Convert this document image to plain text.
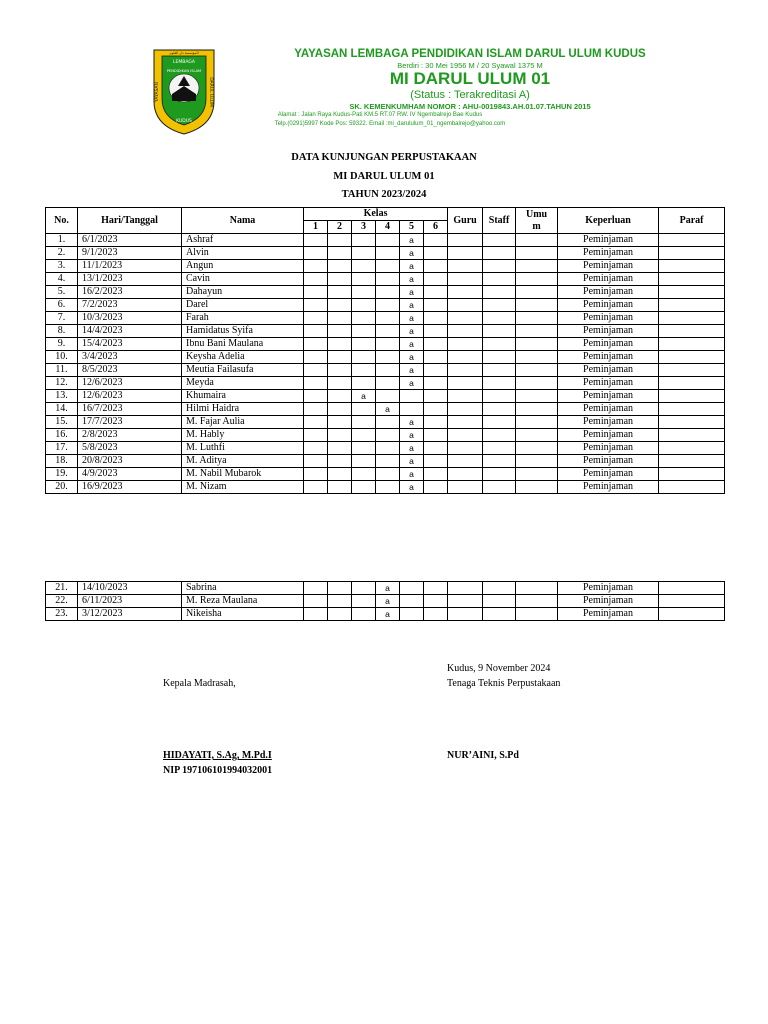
LEMBAGA
PENDIDIKAN ISLAM
YAYASAN	DARUL ULUM
KUDUS
المؤسسة دار العلوم	YAYASAN LEMBAGA PENDIDIKAN ISLAM DARUL ULUM KUDUS
Berdiri : 30 Mei 1956 M / 20 Syawal 1375 M
MI DARUL ULUM 01
(Status : Terakreditasi A)
SK. KEMENKUMHAM NOMOR : AHU-0019843.AH.01.07.TAHUN 2015
Alamat : Jalan Raya Kudus-Pati KM.5 RT.07 RW. IV Ngembalrejo Bae Kudus
Telp.(0291)5997 Kode Pos: 59322. Email :mi_darululum_01_ngembalrejo@yahoo.com
DATA KUNJUNGAN PERPUSTAKAAN
MI DARUL ULUM 01
TAHUN 2023/2024
No.	Hari/Tanggal	Nama	Kelas						Guru	Staff	Umu
m	Keperluan	Paraf
			1	2	3	4	5	6					
1.	6/1/2023	Ashraf					a					Peminjaman	
2.	9/1/2023	Alvin					a					Peminjaman	
3.	11/1/2023	Angun					a					Peminjaman	
4.	13/1/2023	Cavin					a					Peminjaman	
5.	16/2/2023	Dahayun					a					Peminjaman	
6.	7/2/2023	Darel					a					Peminjaman	
7.	10/3/2023	Farah					a					Peminjaman	
8.	14/4/2023	Hamidatus Syifa					a					Peminjaman	
9.	15/4/2023	Ibnu Bani Maulana					a					Peminjaman	
10.	3/4/2023	Keysha Adelia					a					Peminjaman	
11.	8/5/2023	Meutia Failasufa					a					Peminjaman	
12.	12/6/2023	Meyda					a					Peminjaman	
13.	12/6/2023	Khumaira			a							Peminjaman	
14.	16/7/2023	Hilmi Haidra				a						Peminjaman	
15.	17/7/2023	M. Fajar Aulia					a					Peminjaman	
16.	2/8/2023	M. Hably					a					Peminjaman	
17.	5/8/2023	M. Luthfi					a					Peminjaman	
18.	20/8/2023	M. Aditya					a					Peminjaman	
19.	4/9/2023	M. Nabil Mubarok					a					Peminjaman	
20.	16/9/2023	M. Nizam					a					Peminjaman	
21.	14/10/2023	Sabrina				a						Peminjaman	
22.	6/11/2023	M. Reza Maulana				a						Peminjaman	
23.	3/12/2023	Nikeisha				a						Peminjaman	
Kepala Madrasah,
Kudus, 9 November 2024
Tenaga Teknis Perpustakaan
HIDAYATI, S.Ag, M.Pd.I
NIP 197106101994032001
NUR’AINI, S.Pd
